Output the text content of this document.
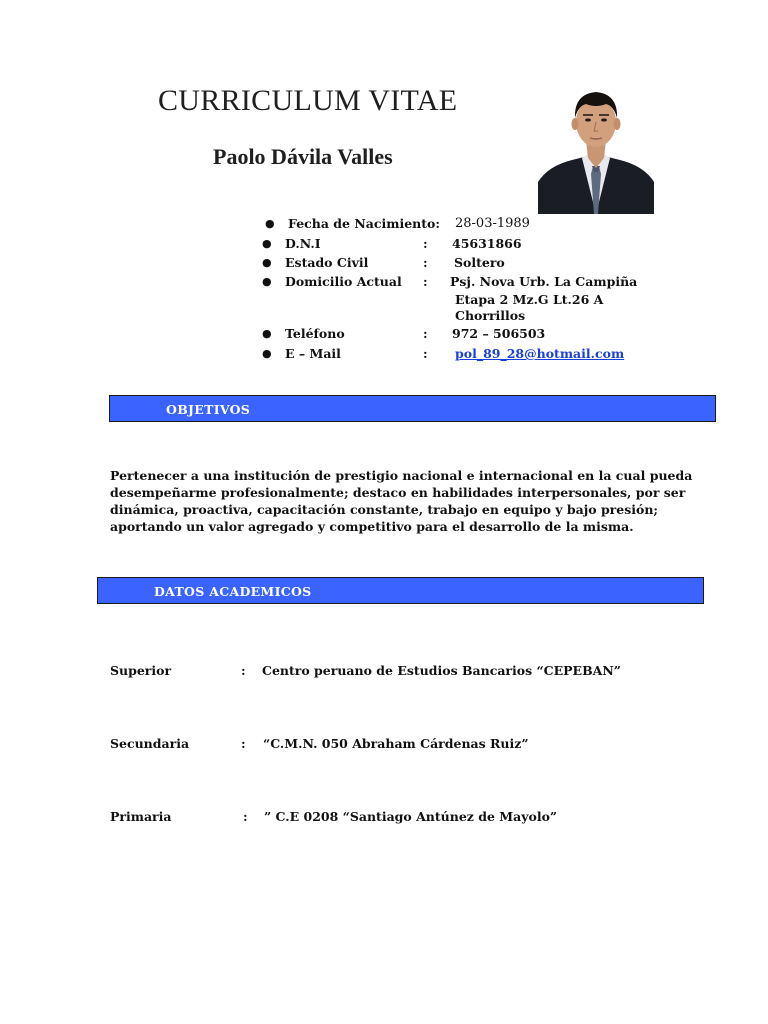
CURRICULUM VITAE
Paolo Dávila Valles
● Fecha de Nacimiento: 28-03-1989
● D.N.I	: 45631866
● Estado Civil	: Soltero
● Domicilio Actual : Psj. Nova Urb. La Campiña
Etapa 2 Mz.G Lt.26 A
Chorrillos
● Teléfono	: 972 – 506503
● E – Mail	: pol_89_28@hotmail.com
OBJETIVOS
Pertenecer a una institución de prestigio nacional e internacional en la cual pueda
desempeñarme profesionalmente; destaco en habilidades interpersonales, por ser
dinámica, proactiva, capacitación constante, trabajo en equipo y bajo presión;
aportando un valor agregado y competitivo para el desarrollo de la misma.
DATOS ACADEMICOS
Superior	: Centro peruano de Estudios Bancarios “CEPEBAN”
Secundaria	: “C.M.N. 050 Abraham Cárdenas Ruiz”
Primaria	: ” C.E 0208 “Santiago Antúnez de Mayolo”
